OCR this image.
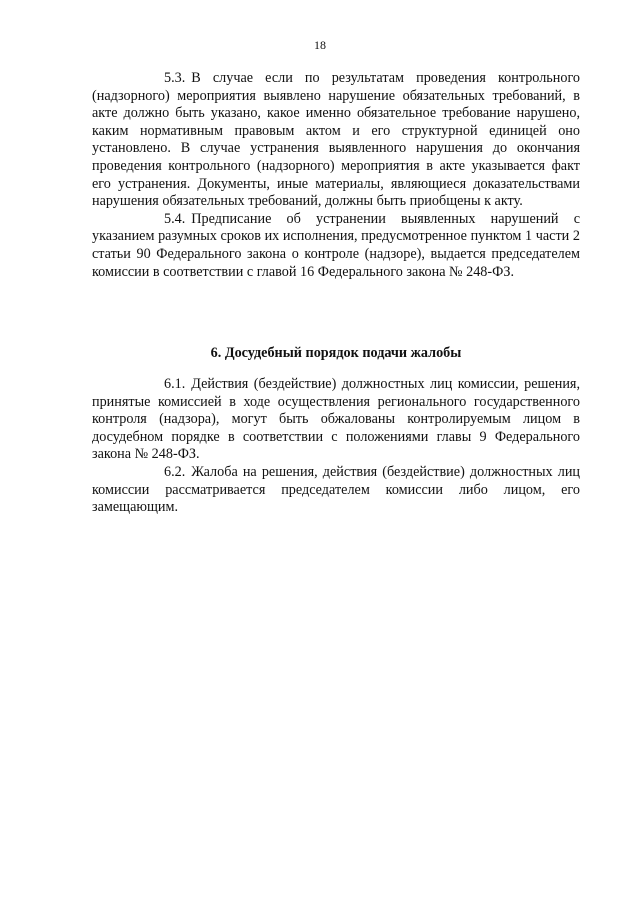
18

5.3. В случае если по результатам проведения контрольного (надзорного) мероприятия выявлено нарушение обязательных требований, в акте должно быть указано, какое именно обязательное требование нарушено, каким нормативным правовым актом и его структурной единицей оно установлено. В случае устранения выявленного нарушения до окончания проведения контрольного (надзорного) мероприятия в акте указывается факт его устранения. Документы, иные материалы, являющиеся доказательствами нарушения обязательных требований, должны быть приобщены к акту.

5.4. Предписание об устранении выявленных нарушений с указанием разумных сроков их исполнения, предусмотренное пунктом 1 части 2 статьи 90 Федерального закона о контроле (надзоре), выдается председателем комиссии в соответствии с главой 16 Федерального закона № 248-ФЗ.

6. Досудебный порядок подачи жалобы

6.1. Действия (бездействие) должностных лиц комиссии, решения, принятые комиссией в ходе осуществления регионального государственного контроля (надзора), могут быть обжалованы контролируемым лицом в досудебном порядке в соответствии с положениями главы 9 Федерального закона № 248-ФЗ.

6.2. Жалоба на решения, действия (бездействие) должностных лиц комиссии рассматривается председателем комиссии либо лицом, его замещающим.
